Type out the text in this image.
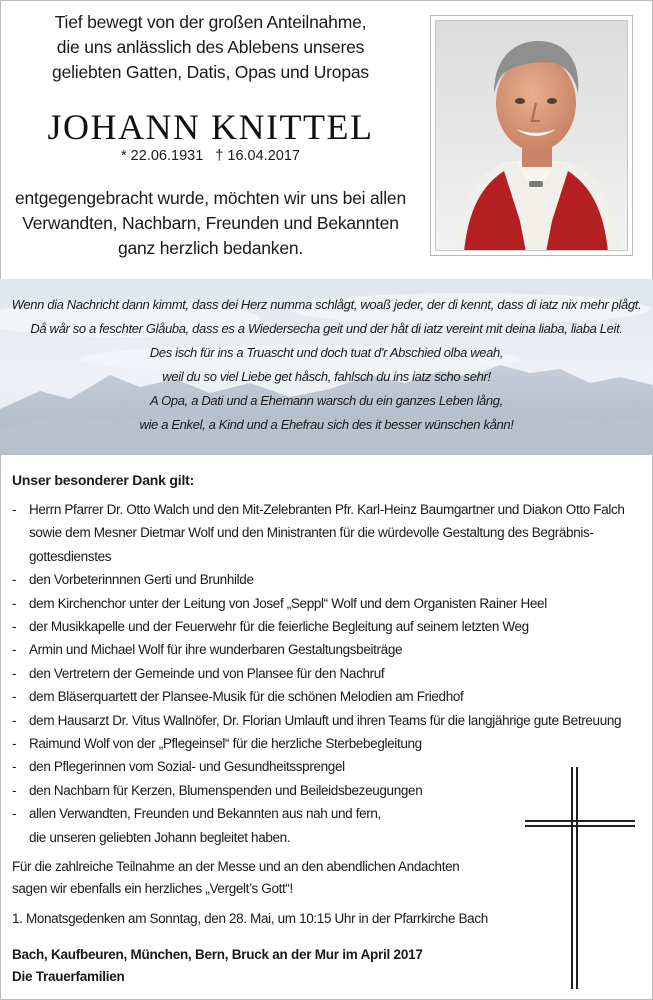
Tief bewegt von der großen Anteilnahme,
die uns anlässlich des Ablebens unseres
geliebten Gatten, Datis, Opas und Uropas
JOHANN KNITTEL
* 22.06.1931 † 16.04.2017
entgegengebracht wurde, möchten wir uns bei allen
Verwandten, Nachbarn, Freunden und Bekannten
ganz herzlich bedanken.
Wenn dia Nachricht dann kimmt, dass dei Herz numma schlågt, woaß jeder, der di kennt, dass di iatz nix mehr plågt.
Då wår so a feschter Glåuba, dass es a Wiedersecha geit und der håt di iatz vereint mit deina liaba, liaba Leit.
Des isch für ins a Truascht und doch tuat d'r Abschied olba weah,
weil du so viel Liebe get håsch, fahlsch du ins iatz scho sehr!
A Opa, a Dati und a Ehemann warsch du ein ganzes Leben lång,
wie a Enkel, a Kind und a Ehefrau sich des it besser wünschen kånn!
Unser besonderer Dank gilt:
- Herrn Pfarrer Dr. Otto Walch und den Mit-Zelebranten Pfr. Karl-Heinz Baumgartner und Diakon Otto Falch
sowie dem Mesner Dietmar Wolf und den Ministranten für die würdevolle Gestaltung des Begräbnis-
gottesdienstes
- den Vorbeterinnnen Gerti und Brunhilde
- dem Kirchenchor unter der Leitung von Josef „Seppl“ Wolf und dem Organisten Rainer Heel
- der Musikkapelle und der Feuerwehr für die feierliche Begleitung auf seinem letzten Weg
- Armin und Michael Wolf für ihre wunderbaren Gestaltungsbeiträge
- den Vertretern der Gemeinde und von Plansee für den Nachruf
- dem Bläserquartett der Plansee-Musik für die schönen Melodien am Friedhof
- dem Hausarzt Dr. Vitus Wallnöfer, Dr. Florian Umlauft und ihren Teams für die langjährige gute Betreuung
- Raimund Wolf von der „Pflegeinsel“ für die herzliche Sterbebegleitung
- den Pflegerinnen vom Sozial- und Gesundheitssprengel
- den Nachbarn für Kerzen, Blumenspenden und Beileidsbezeugungen
- allen Verwandten, Freunden und Bekannten aus nah und fern,
die unseren geliebten Johann begleitet haben.
Für die zahlreiche Teilnahme an der Messe und an den abendlichen Andachten
sagen wir ebenfalls ein herzliches „Vergelt’s Gott“!
1. Monatsgedenken am Sonntag, den 28. Mai, um 10:15 Uhr in der Pfarrkirche Bach
Bach, Kaufbeuren, München, Bern, Bruck an der Mur im April 2017
Die Trauerfamilien
